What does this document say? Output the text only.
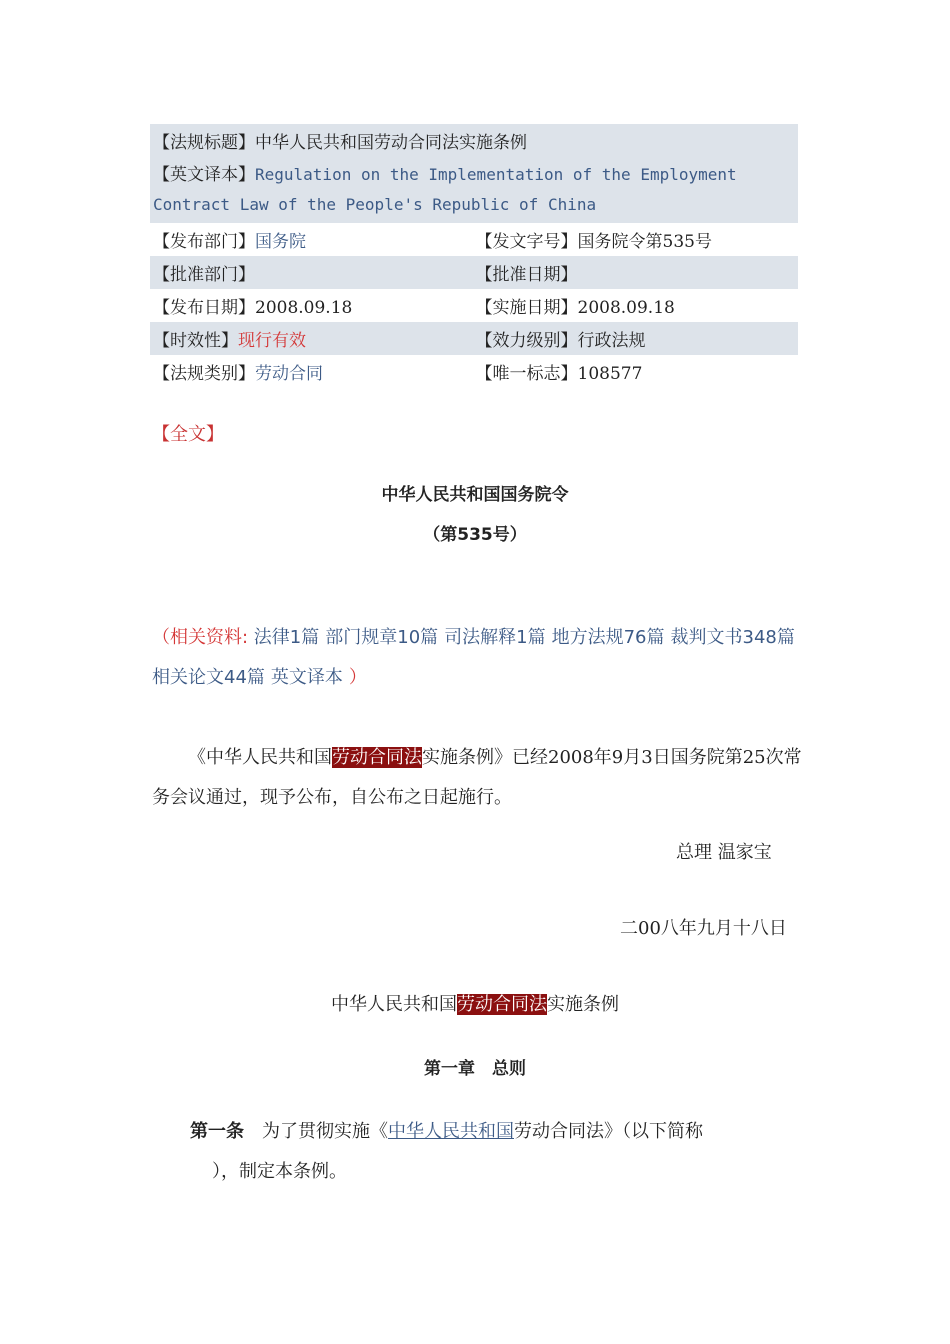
【法规标题】中华人民共和国劳动合同法实施条例
【英文译本】Regulation on the Implementation of the Employment Contract Law of the People's Republic of China
【发布部门】国务院	【发文字号】国务院令第535号
【批准部门】	【批准日期】
【发布日期】2008.09.18	【实施日期】2008.09.18
【时效性】现行有效	【效力级别】行政法规
【法规类别】劳动合同	【唯一标志】108577
【全文】
中华人民共和国国务院令
（第535号）
（相关资料: 法律1篇 部门规章10篇 司法解释1篇 地方法规76篇 裁判文书348篇相关论文44篇 英文译本 ）
《中华人民共和国劳动合同法实施条例》已经2008年9月3日国务院第25次常务会议通过，现予公布，自公布之日起施行。
总理 温家宝
二00八年九月十八日
中华人民共和国劳动合同法实施条例
第一章　总则
第一条 为了贯彻实施《中华人民共和国劳动合同法》（以下简称
），制定本条例。
